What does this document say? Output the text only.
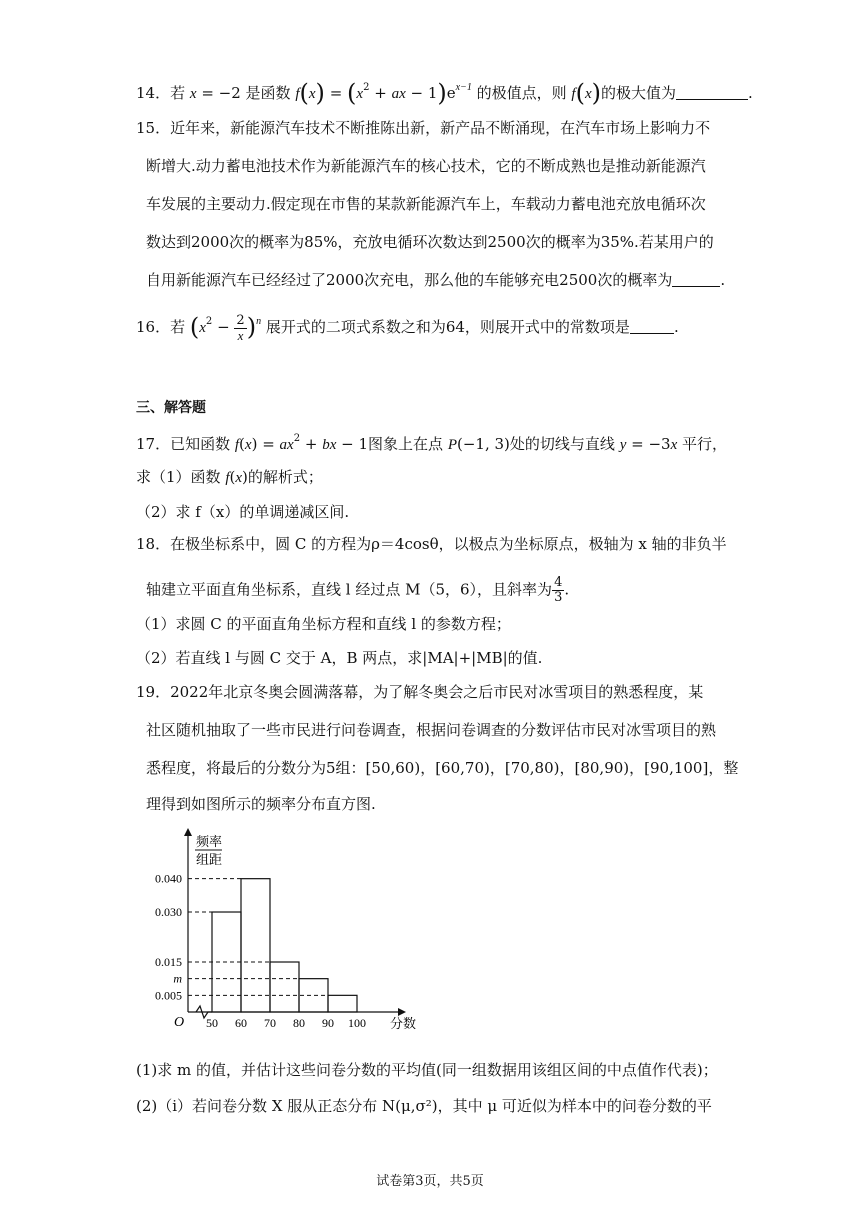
14．若 x = −2 是函数 $f(x) = (x^2$ + ax − $1)e^{x-1}$ 的极值点，则 f(x)的极大值为	.
15．近年来，新能源汽车技术不断推陈出新，新产品不断涌现，在汽车市场上影响力不
断增大.动力蓄电池技术作为新能源汽车的核心技术，它的不断成熟也是推动新能源汽
车发展的主要动力.假定现在市售的某款新能源汽车上，车载动力蓄电池充放电循环次
数达到2000次的概率为85%，充放电循环次数达到2500次的概率为35%.若某用户的
自用新能源汽车已经经过了2000次充电，那么他的车能够充电2500次的概率为	.
16．若 $(x^2 - \frac{2}{x} )^n$ 展开式的二项式系数之和为64，则展开式中的常数项是	.
三、解答题
17．已知函数 $f(x) = ax^2$ + bx − 1图象上在点 P(−1, 3)处的切线与直线 y = −3x 平行，
求（1）函数 f(x)的解析式；
（2）求 f（x）的单调递减区间.
18．在极坐标系中，圆 C 的方程为ρ＝4cosθ，以极点为坐标原点，极轴为 x 轴的非负半
轴建立平面直角坐标系，直线 l 经过点 M（5，6），且斜率为 $\frac{4}{3}$ .
（1）求圆 C 的平面直角坐标方程和直线 l 的参数方程；
（2）若直线 l 与圆 C 交于 A，B 两点，求|MA|+|MB|的值.
19．2022年北京冬奥会圆满落幕，为了解冬奥会之后市民对冰雪项目的熟悉程度，某
社区随机抽取了一些市民进行问卷调查，根据问卷调查的分数评估市民对冰雪项目的熟
悉程度，将最后的分数分为5组：[50,60)，[60,70)，[70,80)，[80,90)，[90,100]，整
理得到如图所示的频率分布直方图.
0.040
0.030
0.015
m
0.005
频率
组距
O 50 60 70 80 90 100 分数
(1)求 m 的值，并估计这些问卷分数的平均值(同一组数据用该组区间的中点值作代表)；
(2)（i）若问卷分数 X 服从正态分布 N(μ,σ²)，其中 μ 可近似为样本中的问卷分数的平
试卷第3页，共5页
